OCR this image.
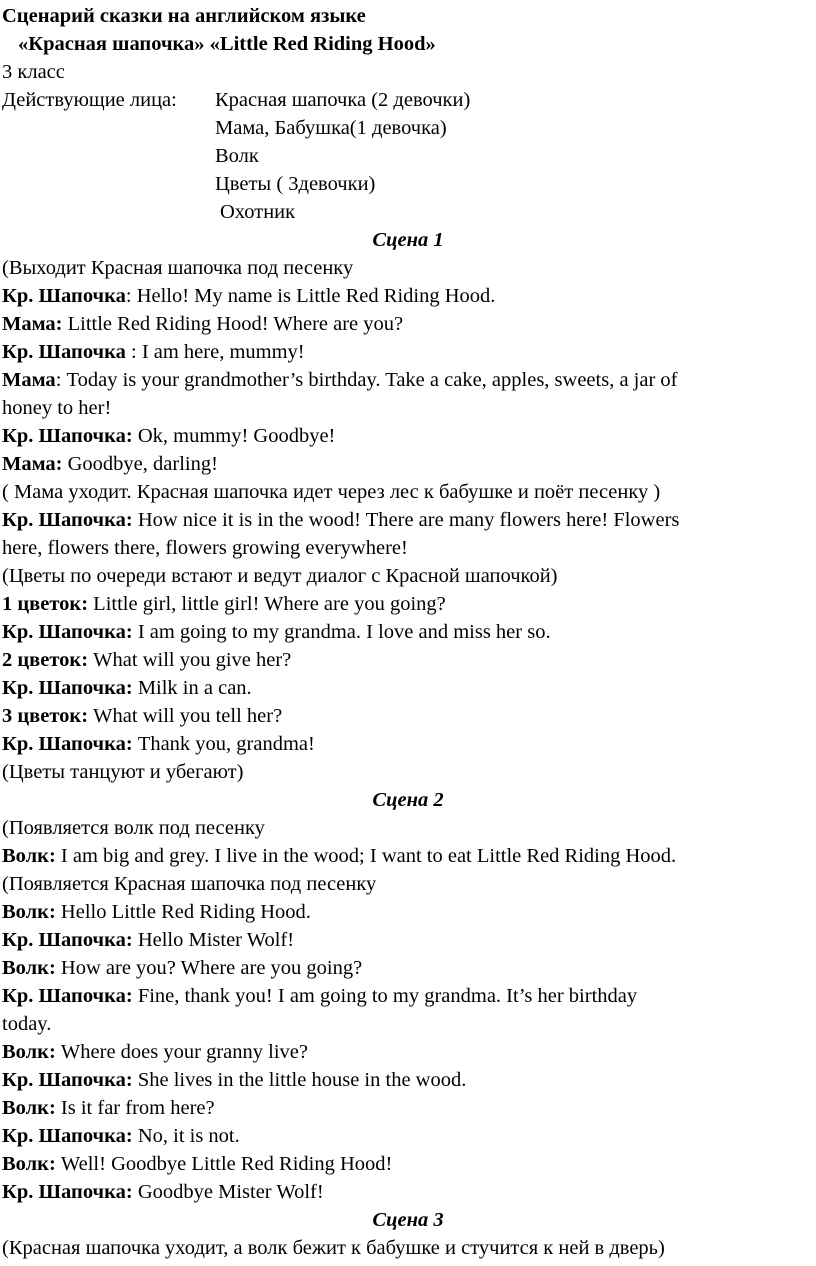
Сценарий сказки на английском языке
«Красная шапочка» «Little Red Riding Hood»
3 класс
Действующие лица: Красная шапочка (2 девочки)
Мама, Бабушка(1 девочка)
Волк
Цветы ( 3девочки)
Охотник
Сцена 1
(Выходит Красная шапочка под песенку
Кр. Шапочка: Hello! My name is Little Red Riding Hood.
Мама: Little Red Riding Hood! Where are you?
Кр. Шапочка : I am here, mummy!
Мама: Today is your grandmother’s birthday. Take a cake, apples, sweets, a jar of
honey to her!
Кр. Шапочка: Ok, mummy! Goodbye!
Мама: Goodbye, darling!
( Мама уходит. Красная шапочка идет через лес к бабушке и поёт песенку )
Кр. Шапочка: How nice it is in the wood! There are many flowers here! Flowers
here, flowers there, flowers growing everywhere!
(Цветы по очереди встают и ведут диалог с Красной шапочкой)
1 цветок: Little girl, little girl! Where are you going?
Кр. Шапочка: I am going to my grandma. I love and miss her so.
2 цветок: What will you give her?
Кр. Шапочка: Milk in a can.
3 цветок: What will you tell her?
Кр. Шапочка: Thank you, grandma!
(Цветы танцуют и убегают)
Сцена 2
(Появляется волк под песенку
Волк: I am big and grey. I live in the wood; I want to eat Little Red Riding Hood.
(Появляется Красная шапочка под песенку
Волк: Hello Little Red Riding Hood.
Кр. Шапочка: Hello Mister Wolf!
Волк: How are you? Where are you going?
Кр. Шапочка: Fine, thank you! I am going to my grandma. It’s her birthday
today.
Волк: Where does your granny live?
Кр. Шапочка: She lives in the little house in the wood.
Волк: Is it far from here?
Кр. Шапочка: No, it is not.
Волк: Well! Goodbye Little Red Riding Hood!
Кр. Шапочка: Goodbye Mister Wolf!
Сцена 3
(Красная шапочка уходит, а волк бежит к бабушке и стучится к ней в дверь)
